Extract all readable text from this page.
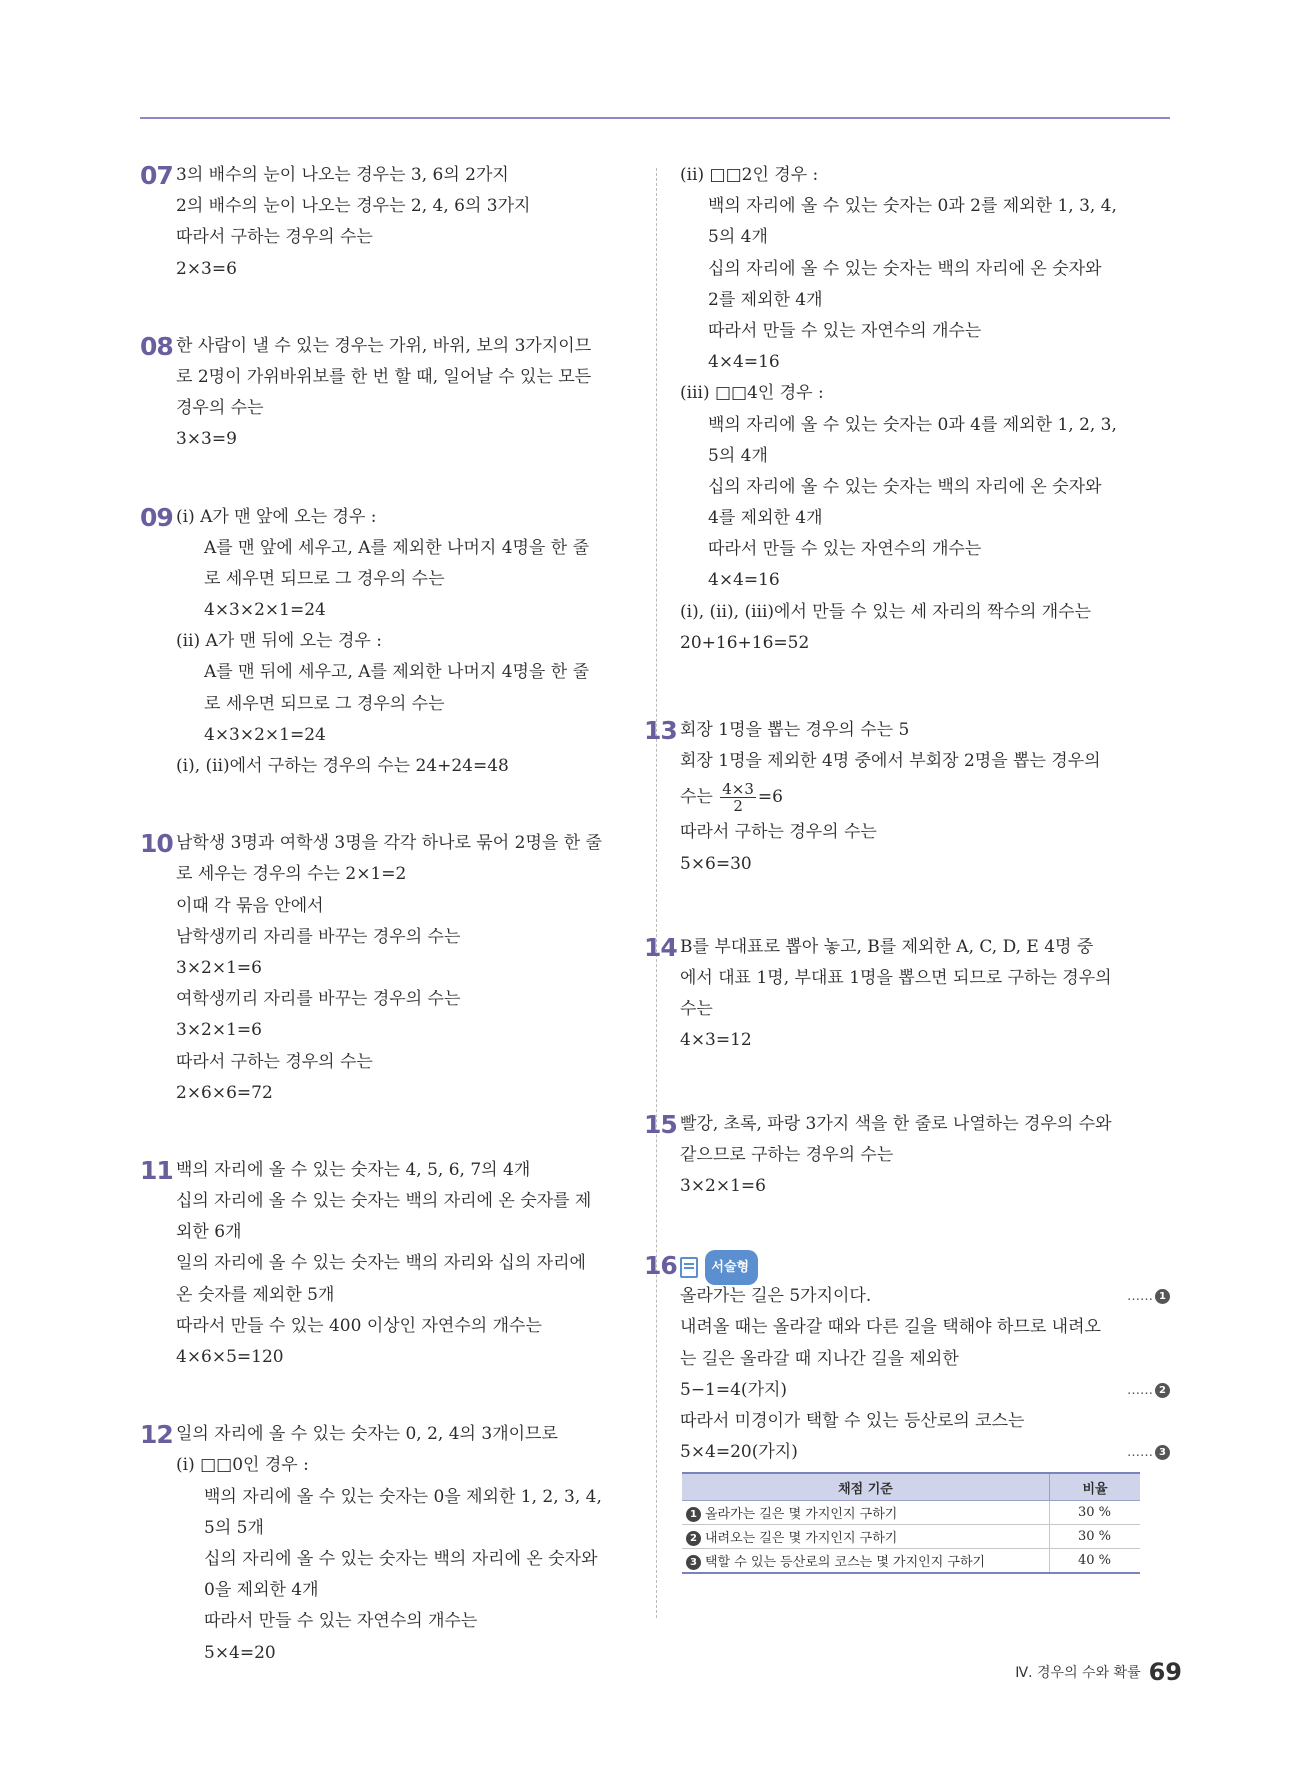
07 3의 배수의 눈이 나오는 경우는 3, 6의 2가지
2의 배수의 눈이 나오는 경우는 2, 4, 6의 3가지
따라서 구하는 경우의 수는
2×3=6
08 한 사람이 낼 수 있는 경우는 가위, 바위, 보의 3가지이므
로 2명이 가위바위보를 한 번 할 때, 일어날 수 있는 모든
경우의 수는
3×3=9
09 (ⅰ) A가 맨 앞에 오는 경우 :
A를 맨 앞에 세우고, A를 제외한 나머지 4명을 한 줄
로 세우면 되므로 그 경우의 수는
4×3×2×1=24
(ⅱ) A가 맨 뒤에 오는 경우 :
A를 맨 뒤에 세우고, A를 제외한 나머지 4명을 한 줄
로 세우면 되므로 그 경우의 수는
4×3×2×1=24
(ⅰ), (ⅱ)에서 구하는 경우의 수는 24+24=48
10 남학생 3명과 여학생 3명을 각각 하나로 묶어 2명을 한 줄
로 세우는 경우의 수는 2×1=2
이때 각 묶음 안에서
남학생끼리 자리를 바꾸는 경우의 수는
3×2×1=6
여학생끼리 자리를 바꾸는 경우의 수는
3×2×1=6
따라서 구하는 경우의 수는
2×6×6=72
11 백의 자리에 올 수 있는 숫자는 4, 5, 6, 7의 4개
십의 자리에 올 수 있는 숫자는 백의 자리에 온 숫자를 제
외한 6개
일의 자리에 올 수 있는 숫자는 백의 자리와 십의 자리에
온 숫자를 제외한 5개
따라서 만들 수 있는 400 이상인 자연수의 개수는
4×6×5=120
12 일의 자리에 올 수 있는 숫자는 0, 2, 4의 3개이므로
(ⅰ) □□0인 경우 :
백의 자리에 올 수 있는 숫자는 0을 제외한 1, 2, 3, 4,
5의 5개
십의 자리에 올 수 있는 숫자는 백의 자리에 온 숫자와
0을 제외한 4개
따라서 만들 수 있는 자연수의 개수는
5×4=20
(ⅱ) □□2인 경우 :
백의 자리에 올 수 있는 숫자는 0과 2를 제외한 1, 3, 4,
5의 4개
십의 자리에 올 수 있는 숫자는 백의 자리에 온 숫자와
2를 제외한 4개
따라서 만들 수 있는 자연수의 개수는
4×4=16
(ⅲ) □□4인 경우 :
백의 자리에 올 수 있는 숫자는 0과 4를 제외한 1, 2, 3,
5의 4개
십의 자리에 올 수 있는 숫자는 백의 자리에 온 숫자와
4를 제외한 4개
따라서 만들 수 있는 자연수의 개수는
4×4=16
(ⅰ), (ⅱ), (ⅲ)에서 만들 수 있는 세 자리의 짝수의 개수는
20+16+16=52
13 회장 1명을 뽑는 경우의 수는 5
회장 1명을 제외한 4명 중에서 부회장 2명을 뽑는 경우의
수는 $\frac{4\times 3}{2} =6$
따라서 구하는 경우의 수는
5×6=30
14 B를 부대표로 뽑아 놓고, B를 제외한 A, C, D, E 4명 중
에서 대표 1명, 부대표 1명을 뽑으면 되므로 구하는 경우의
수는
4×3=12
15 빨강, 초록, 파랑 3가지 색을 한 줄로 나열하는 경우의 수와
같으므로 구하는 경우의 수는
3×2×1=6
16	서술형
올라가는 길은 5가지이다.	…… 1
내려올 때는 올라갈 때와 다른 길을 택해야 하므로 내려오
는 길은 올라갈 때 지나간 길을 제외한
5−1=4(가지)	…… 2
따라서 미경이가 택할 수 있는 등산로의 코스는
5×4=20(가지)	…… 3
채점 기준	비율
1 올라가는 길은 몇 가지인지 구하기	30 %
2 내려오는 길은 몇 가지인지 구하기	30 %
3 택할 수 있는 등산로의 코스는 몇 가지인지 구하기	40 %
Ⅳ. 경우의 수와 확률 69
